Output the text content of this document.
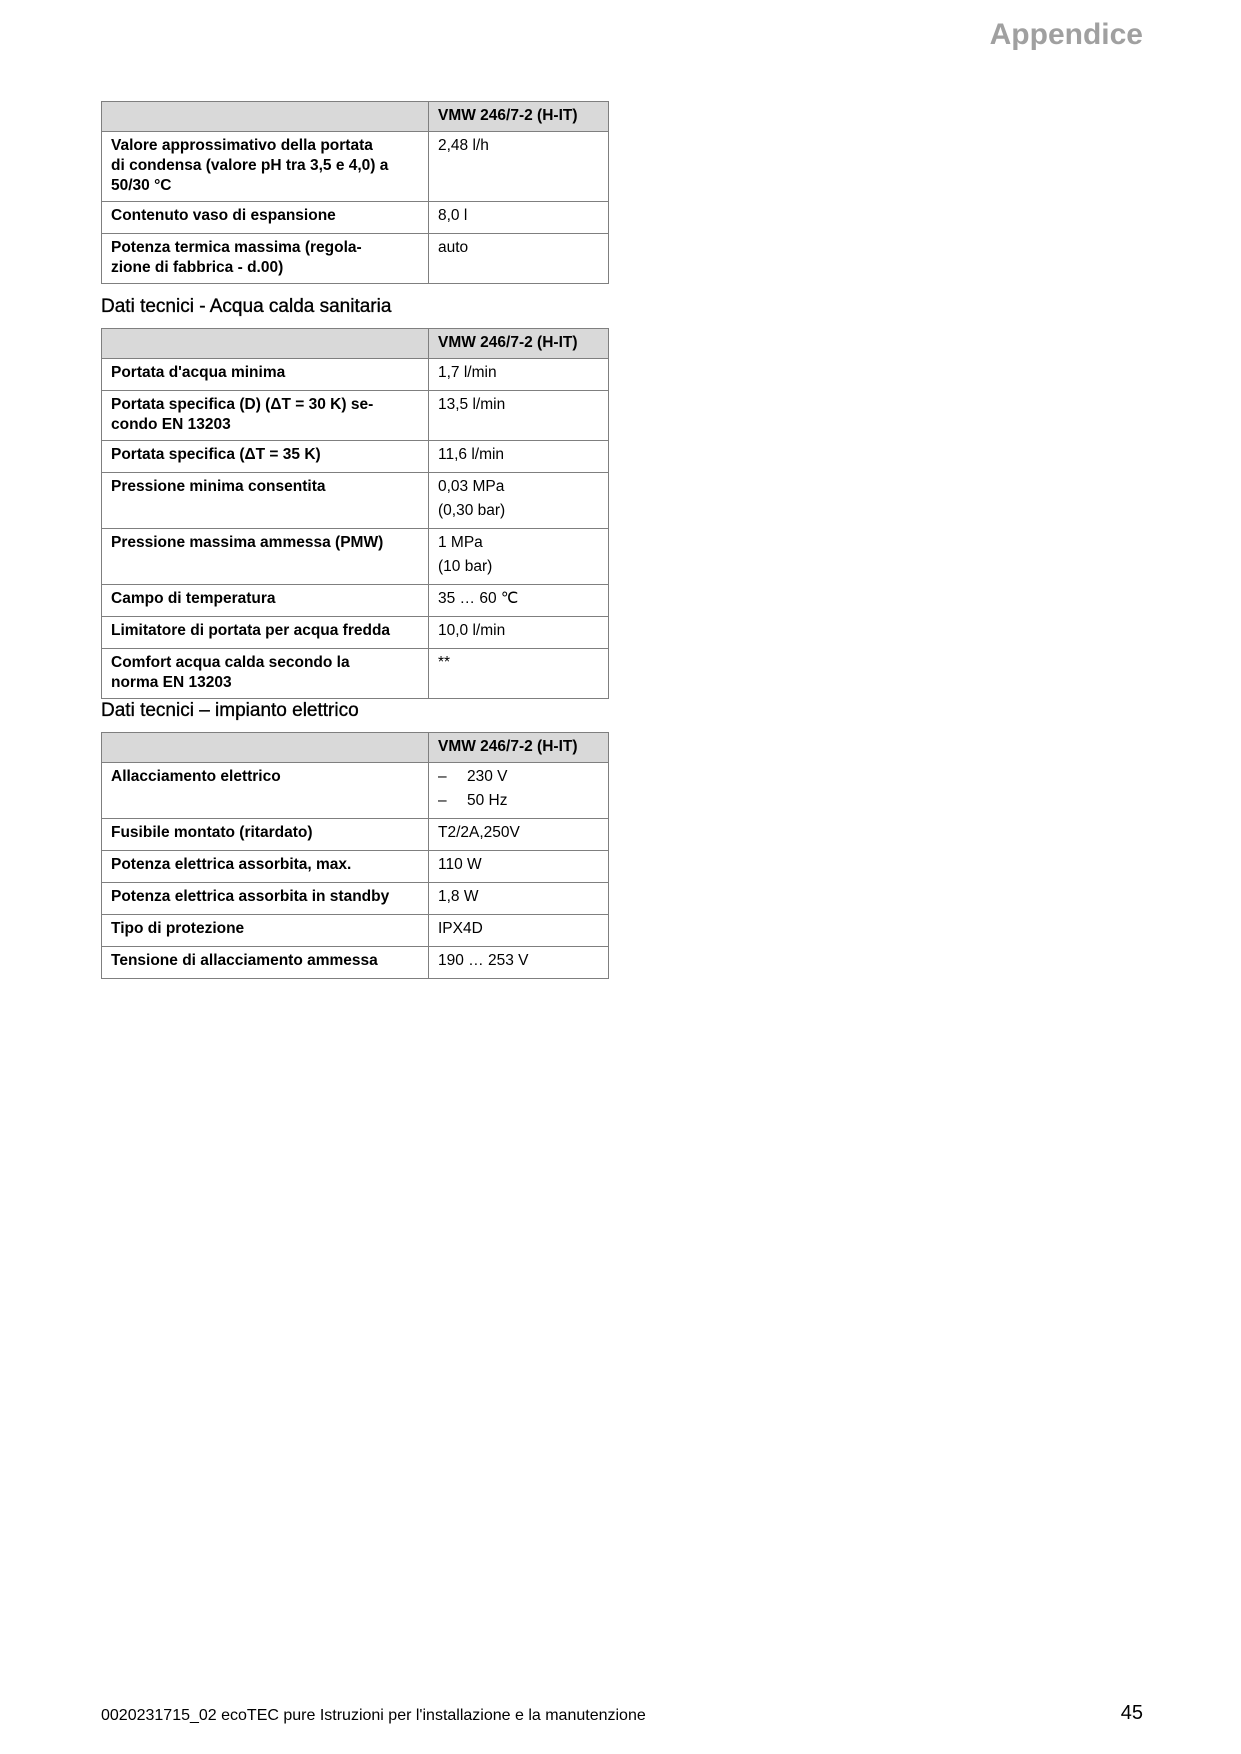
Appendice
	VMW 246/7-2 (H-IT)
Valore approssimativo della portata
di condensa (valore pH tra 3,5 e 4,0) a
50/30 °C	2,48 l/h
Contenuto vaso di espansione	8,0 l
Potenza termica massima (regola-
zione di fabbrica - d.00)	auto
Dati tecnici - Acqua calda sanitaria
	VMW 246/7-2 (H-IT)
Portata d'acqua minima	1,7 l/min
Portata specifica (D) (ΔT = 30 K) se-
condo EN 13203	13,5 l/min
Portata specifica (ΔT = 35 K)	11,6 l/min
Pressione minima consentita	0,03 MPa
(0,30 bar)
Pressione massima ammessa (PMW)	1 MPa
(10 bar)
Campo di temperatura	35 … 60 ℃
Limitatore di portata per acqua fredda	10,0 l/min
Comfort acqua calda secondo la
norma EN 13203	**
Dati tecnici – impianto elettrico
	VMW 246/7-2 (H-IT)
Allacciamento elettrico	– 230 V
– 50 Hz

Fusibile montato (ritardato)	T2/2A,250V
Potenza elettrica assorbita, max.	110 W
Potenza elettrica assorbita in standby	1,8 W
Tipo di protezione	IPX4D
Tensione di allacciamento ammessa	190 … 253 V
0020231715_02 ecoTEC pure Istruzioni per l'installazione e la manutenzione	45
